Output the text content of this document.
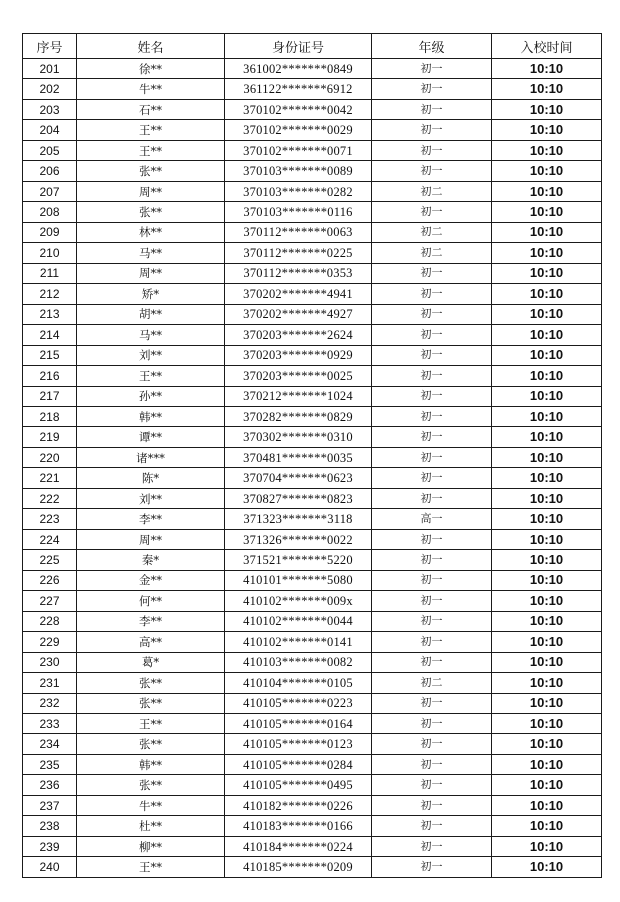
序号	姓名	身份证号	年级	入校时间
201	徐**	361002*******0849	初一	10:10
202	牛**	361122*******6912	初一	10:10
203	石**	370102*******0042	初一	10:10
204	王**	370102*******0029	初一	10:10
205	王**	370102*******0071	初一	10:10
206	张**	370103*******0089	初一	10:10
207	周**	370103*******0282	初二	10:10
208	张**	370103*******0116	初一	10:10
209	林**	370112*******0063	初二	10:10
210	马**	370112*******0225	初二	10:10
211	周**	370112*******0353	初一	10:10
212	矫*	370202*******4941	初一	10:10
213	胡**	370202*******4927	初一	10:10
214	马**	370203*******2624	初一	10:10
215	刘**	370203*******0929	初一	10:10
216	王**	370203*******0025	初一	10:10
217	孙**	370212*******1024	初一	10:10
218	韩**	370282*******0829	初一	10:10
219	谭**	370302*******0310	初一	10:10
220	诸***	370481*******0035	初一	10:10
221	陈*	370704*******0623	初一	10:10
222	刘**	370827*******0823	初一	10:10
223	李**	371323*******3118	高一	10:10
224	周**	371326*******0022	初一	10:10
225	秦*	371521*******5220	初一	10:10
226	金**	410101*******5080	初一	10:10
227	何**	410102*******009x	初一	10:10
228	李**	410102*******0044	初一	10:10
229	高**	410102*******0141	初一	10:10
230	葛*	410103*******0082	初一	10:10
231	张**	410104*******0105	初二	10:10
232	张**	410105*******0223	初一	10:10
233	王**	410105*******0164	初一	10:10
234	张**	410105*******0123	初一	10:10
235	韩**	410105*******0284	初一	10:10
236	张**	410105*******0495	初一	10:10
237	牛**	410182*******0226	初一	10:10
238	杜**	410183*******0166	初一	10:10
239	柳**	410184*******0224	初一	10:10
240	王**	410185*******0209	初一	10:10
